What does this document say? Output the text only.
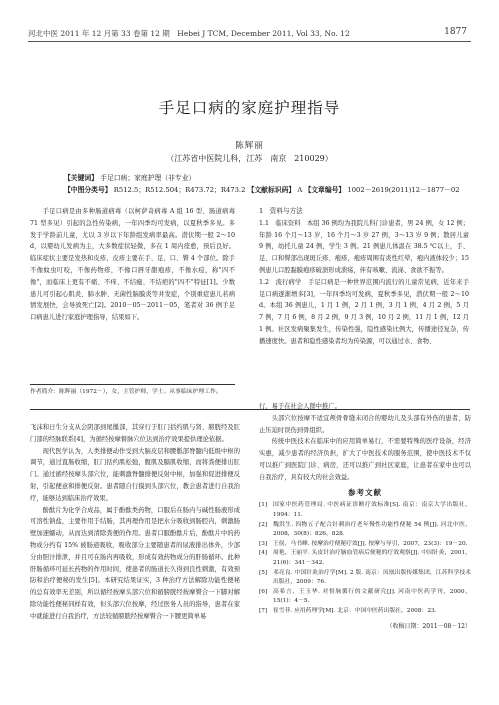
河北中医 2011 年 12 月第 33 卷第 12 期　Hebei J TCM, December 2011, Vol 33, No. 12	1877
手足口病的家庭护理指导
陈辉丽
（江苏省中医院儿科，江苏　南京　210029）
【关键词】 手足口病；家庭护理（非专业）
【中图分类号】 R512.5；R512.504；R473.72；R473.2 【文献标识码】 A 【文章编号】 1002－2619(2011)12－1877－02

手足口病是由多种肠道病毒（以柯萨奇病毒 A 组 16 型、肠道病毒 71 型多见）引起的急性传染病，一年四季均可发病，以夏秋季多见。多发于学龄前儿童，尤以 3 岁以下年龄组发病率最高。潜伏期一般 2～10 d，以婴幼儿发病为主，大多数症状轻微，多在 1 周内痊愈，预后良好。临床症状主要是发热和皮疹，皮疹主要在手、足、口、臀 4 个部位。除手不像蚊虫叮咬，不像药物疹，不像口唇牙龈疱疹，不像水痘，称"四不像"，而临床上更有不痛、不痒、不结痂、不结疤的"四不"特征[1]。少数患儿可引起心肌炎、肺水肿、无菌性脑膜炎等并发症，个别重症患儿若病情发展快，会导致死亡[2]。2010－05－2011－05，笔者对 36 例手足口病患儿进行家庭护理指导，结果如下。

作者简介：陈辉丽（1972－），女，主管护师，学士。从事临床护理工作。

1　资料与方法

1.1　临床资料　本组 36 例均为我院儿科门诊患者，男 24 例，女 12 例；年龄 16 个月～13 岁，16 个月～3 岁 27 例，3～13 岁 9 例；散居儿童 9 例，幼托儿童 24 例，学生 3 例。21 例患儿体温在 38.5 ℃以上，手、足、口和臀部出现斑丘疹、疱疹，疱疹周围有炎性红晕，疱内液体较少；15 例患儿口腔黏膜疱疹破溃形成溃疡，伴有咳嗽、流涕、食欲不振等。

1.2　流行病学　手足口病是一种世界范围内流行的儿童常见病，近年来手足口病逐渐增多[3]，一年四季均可发病，夏秋季多见，潜伏期一般 2～10 d。本组 36 例患儿，1 月 1 例，2 月 1 例，3 月 1 例，4 月 2 例，5 月 7 例，7 月 6 例，8 月 2 例，9 月 3 例，10 月 2 例，11 月 1 例，12 月 1 例。社区发病聚集发生，传染性强，隐性感染比例大，传播途径复杂，传播速度快。患者和隐性感染者均为传染源，可以通过水、食物、

飞沫和日生分支从会阴部到尾骶部，其穿行于肛门括约肌与肾、膀胱经及肛门部的经脉联系[4]，为循经按摩督脉穴位达到治疗效果提供理论依据。

现代医学认为，人类排便动作受到大脑皮层和腰骶部脊髓内低级中枢的调节，通过直肠收缩，肛门括约肌松弛，腹肌及膈肌收缩，而将粪便排出肛门。通过循经按摩头部穴位，能刺激脊髓排便反射中枢，加强和促进排便反射，引起便意和排便反射。患者随自行摸到头部穴位，教会患者进行自我治疗，能够达到临床治疗效果。

酚酞片为化学合成品，属于酚酞类药物，口服后在肠内与碱性肠液形成可溶性钠盐，主要作用于结肠，其再理作用是把水分吸收到肠腔内，刺激肠壁加速蠕动，从而达到清除粪便的作用。患者口服酚酞片后，酚酞片中的药物成分约有 15% 被肠道吸收，吸收部分主要随患者的尿液排出体外，少部分由胆汁排泄，并且可在肠内再吸收，形成有效药物成分的肝肠循环。此种肝肠循环可延长药物的作用时间，使患者的肠道长久得到良性刺激，有效预防和治疗便秘的发生[5]。本研究结果证实，3 种治疗方法解除功能性便秘的总有效率无差别，所以循经按摩头部穴位和循膀胱经按摩臀合一下脚对解除功能性便秘同样有效，但头部穴位按摩，经过医务人员的指导，患者在家中就能进行自我治疗，方法较循膀胱经按摩臀合一下腰更简单易

行，易于在社会人群中推广。

头部穴位按摩不适宜颅骨骨缝未闭合的婴幼儿及头部有外伤的患者，防止压迫时误伤到骨组织。

传统中医技术在临床中的应用简单易行，不需要特殊的医疗设备，经济实惠，减少患者的经济负担，扩大了中医技术的服务范围，使中医技术不仅可以推广到医院门诊、病房，还可以推广到社区家庭，让患者在家中也可以自我治疗，具有较大的社会效益。

参考文献
[1] 国家中医药管理局. 中医病证诊断疗效标准[S]. 南京：南京大学出版社，1994：11.
[2] 魏洪生. 四物五子配合针刺治疗老年慢性功能性便秘 54 例[J]. 河北中医，2008，30(8)：826，828.
[3] 王侯，马书峰. 按摩治疗便秘疗效[J]. 按摩与导引，2007，23(3)：19－20.
[4] 周艳，王丽平. 头皮针治疗脑血管病后便秘的疗效观察[J]. 中国针灸，2001，21(6)：341－342.
[5] 邓亮良. 中国针灸治疗学[M]. 2 版. 南京：凤凰出版传媒集团，江苏科学技术出版社，2009：76.
[6] 高希言，王玉华. 对督脉循行的文献研究[J]. 河南中医药学刊，2000，15(1)：4－5.
[7] 崔雪菲. 应用药理学[M]. 北京：中国中医药出版社，2008：23.
（收稿日期：2011－08－12）
